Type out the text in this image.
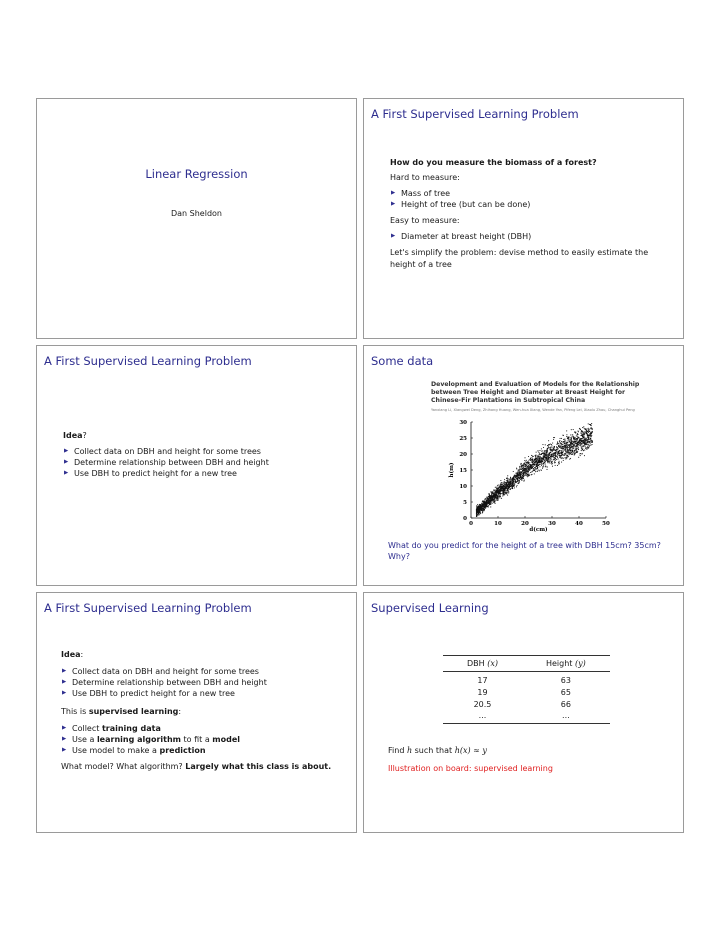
Linear Regression
Dan Sheldon
A First Supervised Learning Problem

How do you measure the biomass of a forest?

Hard to measure:

▶ Mass of tree
▶ Height of tree (but can be done)

Easy to measure:

▶ Diameter at breast height (DBH)

Let's simplify the problem: devise method to easily estimate the height of a tree

A First Supervised Learning Problem

Idea?

▶ Collect data on DBH and height for some trees
▶ Determine relationship between DBH and height
▶ Use DBH to predict height for a new tree
Some data
Development and Evaluation of Models for the Relationship between Tree Height and Diameter at Breast Height for Chinese-Fir Plantations in Subtropical China
Yanxiang Li, Xiangwei Deng, Zhihong Huang, Wen-hua Xiang, Wende Yan, Pifeng Lei, Xiaolu Zhou, Changhui Peng
0	10	20	30	40	50
0
5
10
15
20
25
30
d(cm)
h(m)
What do you predict for the height of a tree with DBH 15cm? 35cm? Why?
A First Supervised Learning Problem

Idea:

▶ Collect data on DBH and height for some trees
▶ Determine relationship between DBH and height
▶ Use DBH to predict height for a new tree

This is supervised learning:

▶ Collect training data
▶ Use a learning algorithm to fit a model
▶ Use model to make a prediction

What model? What algorithm? Largely what this class is about.

Supervised Learning
DBH (x)	Height (y)
17	63
19	65
20.5	66
...	...

Find h such that h(x) ≈ y

Illustration on board: supervised learning
